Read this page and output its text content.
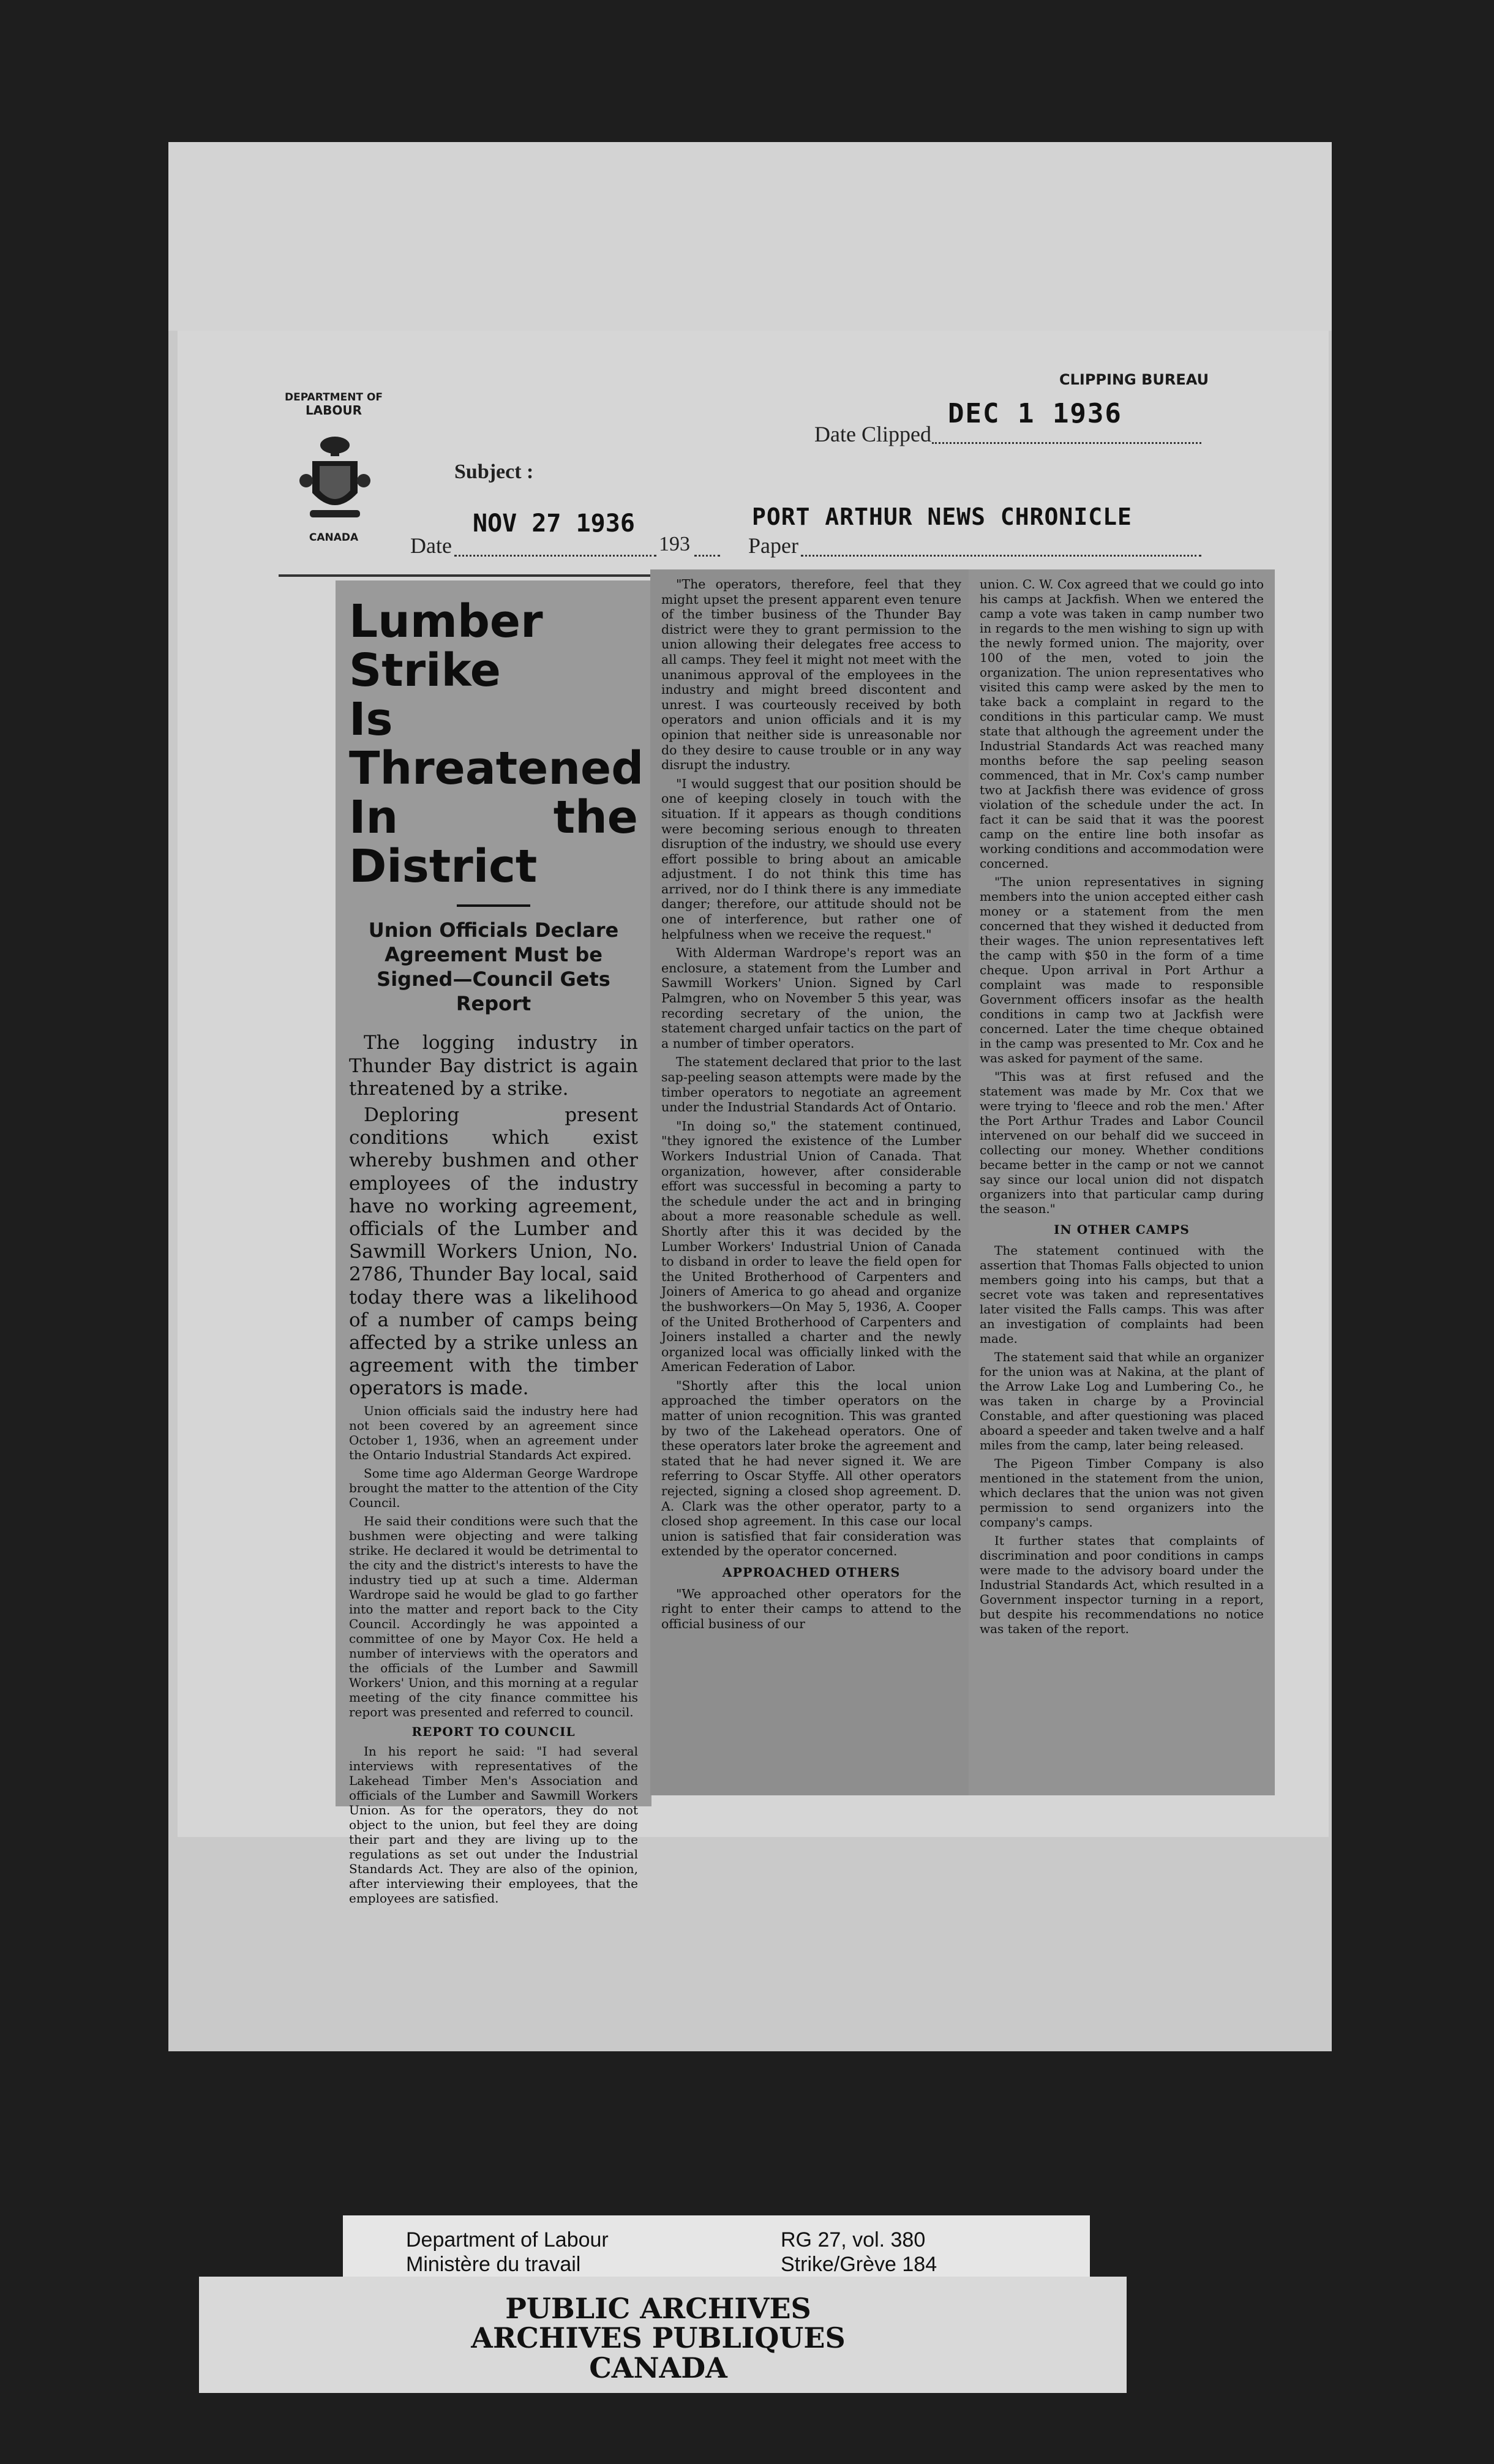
DEPARTMENT OF
LABOUR
CANADA
CLIPPING BUREAU
Date Clipped
DEC 1 1936
Subject :
NOV 27 1936
Date	193	Paper
PORT ARTHUR NEWS CHRONICLE
Lumber Strike
Is Threatened
In the District
Union Officials Declare Agreement Must be Signed—Council Gets Report

The logging industry in Thunder Bay district is again threatened by a strike.

Deploring present conditions which exist whereby bushmen and other employees of the industry have no working agreement, officials of the Lumber and Sawmill Workers Union, No. 2786, Thunder Bay local, said today there was a likelihood of a number of camps being affected by a strike unless an agreement with the timber operators is made.

Union officials said the industry here had not been covered by an agreement since October 1, 1936, when an agreement under the Ontario Industrial Standards Act expired.

Some time ago Alderman George Wardrope brought the matter to the attention of the City Council.

He said their conditions were such that the bushmen were objecting and were talking strike. He declared it would be detrimental to the city and the district's interests to have the industry tied up at such a time. Alderman Wardrope said he would be glad to go farther into the matter and report back to the City Council. Accordingly he was appointed a committee of one by Mayor Cox. He held a number of interviews with the operators and the officials of the Lumber and Sawmill Workers' Union, and this morning at a regular meeting of the city finance committee his report was presented and referred to council.

REPORT TO COUNCIL

In his report he said: "I had several interviews with representatives of the Lakehead Timber Men's Association and officials of the Lumber and Sawmill Workers Union. As for the operators, they do not object to the union, but feel they are doing their part and they are living up to the regulations as set out under the Industrial Standards Act. They are also of the opinion, after interviewing their employees, that the employees are satisfied.

"The operators, therefore, feel that they might upset the present apparent even tenure of the timber business of the Thunder Bay district were they to grant permission to the union allowing their delegates free access to all camps. They feel it might not meet with the unanimous approval of the employees in the industry and might breed discontent and unrest. I was courteously received by both operators and union officials and it is my opinion that neither side is unreasonable nor do they desire to cause trouble or in any way disrupt the industry.

"I would suggest that our position should be one of keeping closely in touch with the situation. If it appears as though conditions were becoming serious enough to threaten disruption of the industry, we should use every effort possible to bring about an amicable adjustment. I do not think this time has arrived, nor do I think there is any immediate danger; therefore, our attitude should not be one of interference, but rather one of helpfulness when we receive the request."

With Alderman Wardrope's report was an enclosure, a statement from the Lumber and Sawmill Workers' Union. Signed by Carl Palmgren, who on November 5 this year, was recording secretary of the union, the statement charged unfair tactics on the part of a number of timber operators.

The statement declared that prior to the last sap-peeling season attempts were made by the timber operators to negotiate an agreement under the Industrial Standards Act of Ontario.

"In doing so," the statement continued, "they ignored the existence of the Lumber Workers Industrial Union of Canada. That organization, however, after considerable effort was successful in becoming a party to the schedule under the act and in bringing about a more reasonable schedule as well. Shortly after this it was decided by the Lumber Workers' Industrial Union of Canada to disband in order to leave the field open for the United Brotherhood of Carpenters and Joiners of America to go ahead and organize the bushworkers—On May 5, 1936, A. Cooper of the United Brotherhood of Carpenters and Joiners installed a charter and the newly organized local was officially linked with the American Federation of Labor.

"Shortly after this the local union approached the timber operators on the matter of union recognition. This was granted by two of the Lakehead operators. One of these operators later broke the agreement and stated that he had never signed it. We are referring to Oscar Styffe. All other operators rejected, signing a closed shop agreement. D. A. Clark was the other operator, party to a closed shop agreement. In this case our local union is satisfied that fair consideration was extended by the operator concerned.

APPROACHED OTHERS

"We approached other operators for the right to enter their camps to attend to the official business of our

union. C. W. Cox agreed that we could go into his camps at Jackfish. When we entered the camp a vote was taken in camp number two in regards to the men wishing to sign up with the newly formed union. The majority, over 100 of the men, voted to join the organization. The union representatives who visited this camp were asked by the men to take back a complaint in regard to the conditions in this particular camp. We must state that although the agreement under the Industrial Standards Act was reached many months before the sap peeling season commenced, that in Mr. Cox's camp number two at Jackfish there was evidence of gross violation of the schedule under the act. In fact it can be said that it was the poorest camp on the entire line both insofar as working conditions and accommodation were concerned.

"The union representatives in signing members into the union accepted either cash money or a statement from the men concerned that they wished it deducted from their wages. The union representatives left the camp with $50 in the form of a time cheque. Upon arrival in Port Arthur a complaint was made to responsible Government officers insofar as the health conditions in camp two at Jackfish were concerned. Later the time cheque obtained in the camp was presented to Mr. Cox and he was asked for payment of the same.

"This was at first refused and the statement was made by Mr. Cox that we were trying to 'fleece and rob the men.' After the Port Arthur Trades and Labor Council intervened on our behalf did we succeed in collecting our money. Whether conditions became better in the camp or not we cannot say since our local union did not dispatch organizers into that particular camp during the season."

IN OTHER CAMPS

The statement continued with the assertion that Thomas Falls objected to union members going into his camps, but that a secret vote was taken and representatives later visited the Falls camps. This was after an investigation of complaints had been made.

The statement said that while an organizer for the union was at Nakina, at the plant of the Arrow Lake Log and Lumbering Co., he was taken in charge by a Provincial Constable, and after questioning was placed aboard a speeder and taken twelve and a half miles from the camp, later being released.

The Pigeon Timber Company is also mentioned in the statement from the union, which declares that the union was not given permission to send organizers into the company's camps.

It further states that complaints of discrimination and poor conditions in camps were made to the advisory board under the Industrial Standards Act, which resulted in a Government inspector turning in a report, but despite his recommendations no notice was taken of the report.

Department of Labour
Ministère du travail
RG 27, vol. 380
Strike/Grève 184
PUBLIC ARCHIVES
ARCHIVES PUBLIQUES
CANADA
